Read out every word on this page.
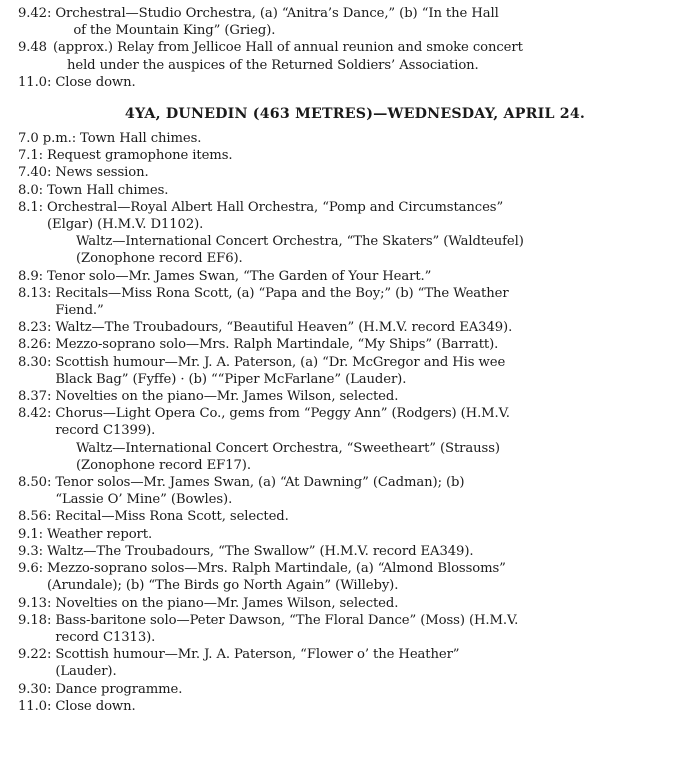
9.42: Orchestral—Studio Orchestra, (a) “Anitra’s Dance,” (b) “In the Hall
of the Mountain King” (Grieg).
9.48 (approx.) Relay from Jellicoe Hall of annual reunion and smoke concert
held under the auspices of the Returned Soldiers’ Association.
11.0: Close down.
4YA, DUNEDIN (463 METRES)—WEDNESDAY, APRIL 24.
7.0 p.m.: Town Hall chimes.
7.1: Request gramophone items.
7.40: News session.
8.0: Town Hall chimes.
8.1: Orchestral—Royal Albert Hall Orchestra, “Pomp and Circumstances”
(Elgar) (H.M.V. D1102).
Waltz—International Concert Orchestra, “The Skaters” (Waldteufel)
(Zonophone record EF6).
8.9: Tenor solo—Mr. James Swan, “The Garden of Your Heart.”
8.13: Recitals—Miss Rona Scott, (a) “Papa and the Boy;” (b) “The Weather
Fiend.”
8.23: Waltz—The Troubadours, “Beautiful Heaven” (H.M.V. record EA349).
8.26: Mezzo-soprano solo—Mrs. Ralph Martindale, “My Ships” (Barratt).
8.30: Scottish humour—Mr. J. A. Paterson, (a) “Dr. McGregor and His wee
Black Bag” (Fyffe) · (b) ““Piper McFarlane” (Lauder).
8.37: Novelties on the piano—Mr. James Wilson, selected.
8.42: Chorus—Light Opera Co., gems from “Peggy Ann” (Rodgers) (H.M.V.
record C1399).
Waltz—International Concert Orchestra, “Sweetheart” (Strauss)
(Zonophone record EF17).
8.50: Tenor solos—Mr. James Swan, (a) “At Dawning” (Cadman); (b)
“Lassie O’ Mine” (Bowles).
8.56: Recital—Miss Rona Scott, selected.
9.1: Weather report.
9.3: Waltz—The Troubadours, “The Swallow” (H.M.V. record EA349).
9.6: Mezzo-soprano solos—Mrs. Ralph Martindale, (a) “Almond Blossoms”
(Arundale); (b) “The Birds go North Again” (Willeby).
9.13: Novelties on the piano—Mr. James Wilson, selected.
9.18: Bass-baritone solo—Peter Dawson, “The Floral Dance” (Moss) (H.M.V.
record C1313).
9.22: Scottish humour—Mr. J. A. Paterson, “Flower o’ the Heather”
(Lauder).
9.30: Dance programme.
11.0: Close down.
